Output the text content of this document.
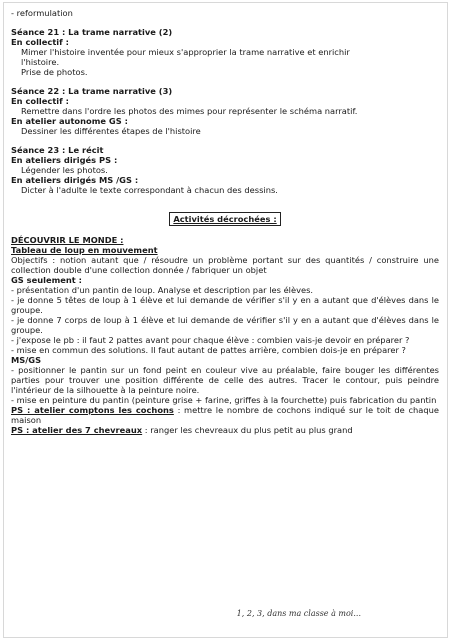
- reformulation
Séance 21 : La trame narrative (2)
En collectif :
Mimer l'histoire inventée pour mieux s'approprier la trame narrative et enrichir
l'histoire.
Prise de photos.
Séance 22 : La trame narrative (3)
En collectif :
Remettre dans l'ordre les photos des mimes pour représenter le schéma narratif.
En atelier autonome GS :
Dessiner les différentes étapes de l'histoire
Séance 23 : Le récit
En ateliers dirigés PS :
Légender les photos.
En ateliers dirigés MS /GS :
Dicter à l'adulte le texte correspondant à chacun des dessins.
Activités décrochées :
DÉCOUVRIR LE MONDE :
Tableau de loup en mouvement
Objectifs : notion autant que / résoudre un problème portant sur des quantités / construire une collection double d'une collection donnée / fabriquer un objet
GS seulement :
- présentation d'un pantin de loup. Analyse et description par les élèves.
- je donne 5 têtes de loup à 1 élève et lui demande de vérifier s'il y en a autant que d'élèves dans le groupe.
- je donne 7 corps de loup à 1 élève et lui demande de vérifier s'il y en a autant que d'élèves dans le groupe.
- j'expose le pb : il faut 2 pattes avant pour chaque élève : combien vais-je devoir en préparer ?
- mise en commun des solutions. Il faut autant de pattes arrière, combien dois-je en préparer ?
MS/GS
- positionner le pantin sur un fond peint en couleur vive au préalable, faire bouger les différentes parties pour trouver une position différente de celle des autres. Tracer le contour, puis peindre l'intérieur de la silhouette à la peinture noire.
- mise en peinture du pantin (peinture grise + farine, griffes à la fourchette) puis fabrication du pantin
PS : atelier comptons les cochons : mettre le nombre de cochons indiqué sur le toit de chaque maison
PS : atelier des 7 chevreaux : ranger les chevreaux du plus petit au plus grand
1, 2, 3, dans ma classe à moi...
